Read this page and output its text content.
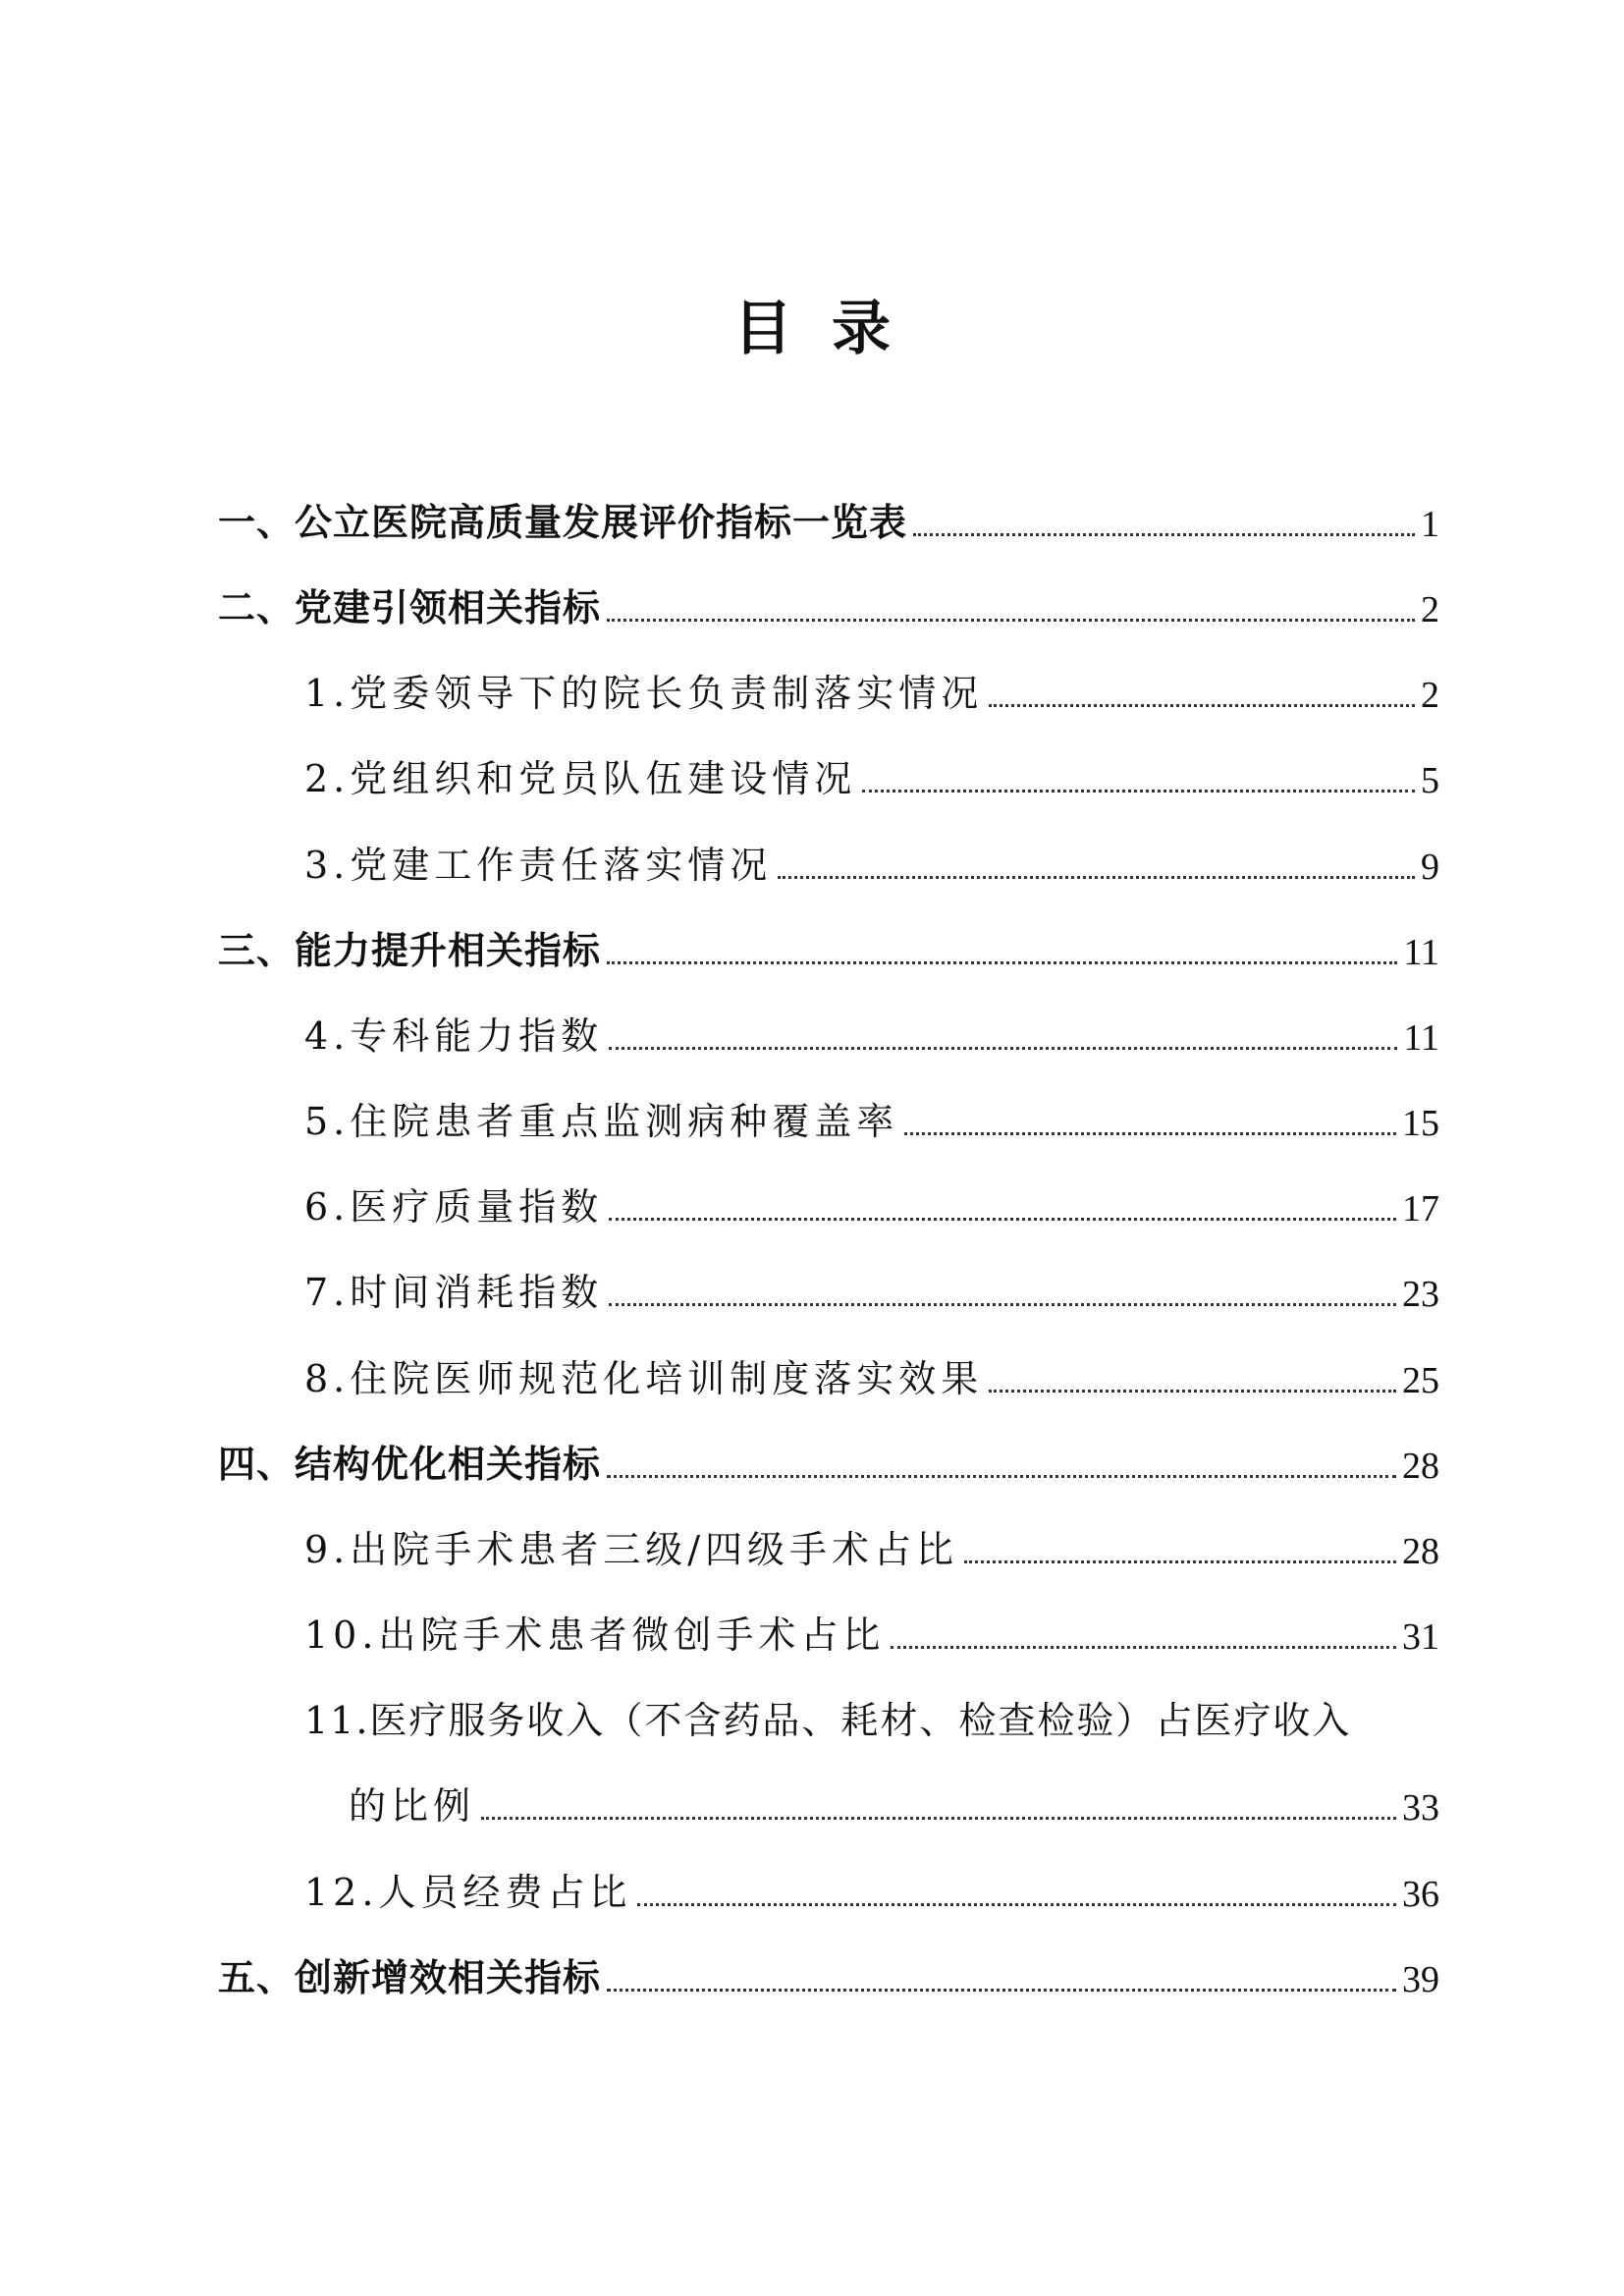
目 录
一、公立医院高质量发展评价指标一览表	1
二、党建引领相关指标	2
1.党委领导下的院长负责制落实情况	2
2.党组织和党员队伍建设情况	5
3.党建工作责任落实情况	9
三、能力提升相关指标	11
4.专科能力指数	11
5.住院患者重点监测病种覆盖率	15
6.医疗质量指数	17
7.时间消耗指数	23
8.住院医师规范化培训制度落实效果	25
四、结构优化相关指标	28
9.出院手术患者三级/四级手术占比	28
10.出院手术患者微创手术占比	31
11.医疗服务收入（不含药品、耗材、检查检验）占医疗收入
的比例	33
12.人员经费占比	36
五、创新增效相关指标	39
